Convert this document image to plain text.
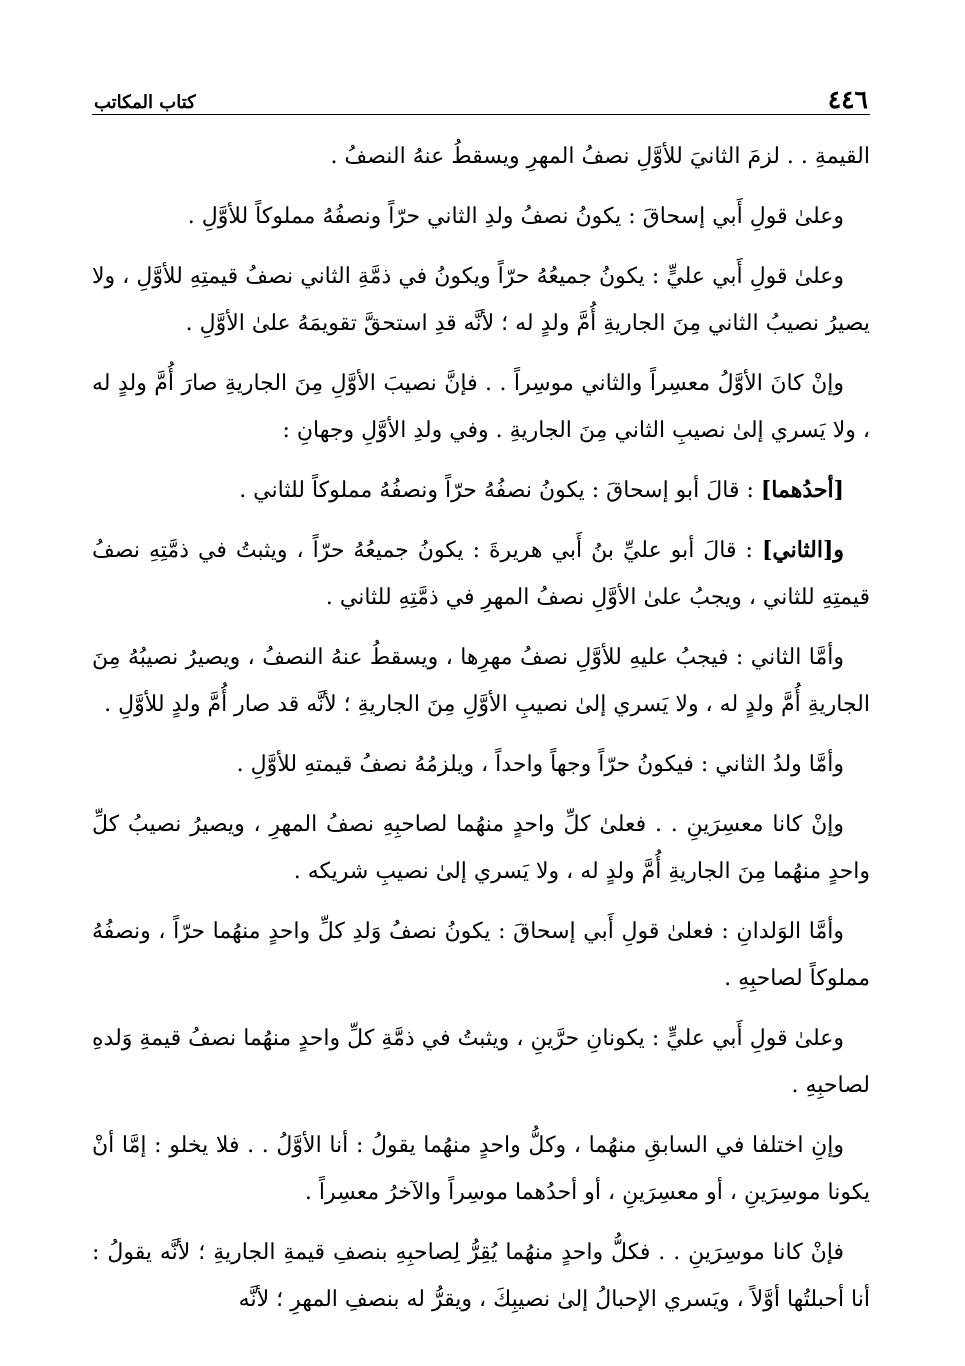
٤٤٦
كتاب المكاتب

القيمةِ . . لزمَ الثانيَ للأوَّلِ نصفُ المهرِ ويسقطُ عنهُ النصفُ .

وعلىٰ قولِ أَبي إسحاقَ : يكونُ نصفُ ولدِ الثاني حرّاً ونصفُهُ مملوكاً للأوَّلِ .

وعلىٰ قولِ أَبي عليٍّ : يكونُ جميعُهُ حرّاً ويكونُ في ذمَّةِ الثاني نصفُ قيمتِهِ للأوَّلِ ، ولا يصيرُ نصيبُ الثاني مِنَ الجاريةِ أُمَّ ولدٍ له ؛ لأنَّه قدِ استحقَّ تقويمَهُ علىٰ الأوَّلِ .

وإنْ كانَ الأوَّلُ معسِراً والثاني موسِراً . . فإنَّ نصيبَ الأوَّلِ مِنَ الجاريةِ صارَ أُمَّ ولدٍ له ، ولا يَسري إلىٰ نصيبِ الثاني مِنَ الجاريةِ . وفي ولدِ الأوَّلِ وجهانِ :

[أحدُهما] : قالَ أبو إسحاقَ : يكونُ نصفُهُ حرّاً ونصفُهُ مملوكاً للثاني .

و[الثاني] : قالَ أبو عليِّ بنُ أَبي هريرةَ : يكونُ جميعُهُ حرّاً ، ويثبتُ في ذمَّتِهِ نصفُ قيمتِهِ للثاني ، ويجبُ علىٰ الأوَّلِ نصفُ المهرِ في ذمَّتِهِ للثاني .

وأمَّا الثاني : فيجبُ عليهِ للأوَّلِ نصفُ مهرِها ، ويسقطُ عنهُ النصفُ ، ويصيرُ نصيبُهُ مِنَ الجاريةِ أُمَّ ولدٍ له ، ولا يَسري إلىٰ نصيبِ الأوَّلِ مِنَ الجاريةِ ؛ لأنَّه قد صار أُمَّ ولدٍ للأوَّلِ .

وأمَّا ولدُ الثاني : فيكونُ حرّاً وجهاً واحداً ، ويلزمُهُ نصفُ قيمتهِ للأوَّلِ .

وإنْ كانا معسِرَينِ . . فعلىٰ كلِّ واحدٍ منهُما لصاحبِهِ نصفُ المهرِ ، ويصيرُ نصيبُ كلِّ واحدٍ منهُما مِنَ الجاريةِ أُمَّ ولدٍ له ، ولا يَسري إلىٰ نصيبِ شريكه .

وأمَّا الوَلدانِ : فعلىٰ قولِ أَبي إسحاقَ : يكونُ نصفُ وَلدِ كلِّ واحدٍ منهُما حرّاً ، ونصفُهُ مملوكاً لصاحبِهِ .

وعلىٰ قولِ أَبي عليٍّ : يكونانِ حرَّينِ ، ويثبتُ في ذمَّةِ كلِّ واحدٍ منهُما نصفُ قيمةِ وَلدهِ لصاحبِهِ .

وإنِ اختلفا في السابقِ منهُما ، وكلُّ واحدٍ منهُما يقولُ : أنا الأوَّلُ . . فلا يخلو : إمَّا أنْ يكونا موسِرَينِ ، أو معسِرَينِ ، أو أحدُهما موسِراً والآخرُ معسِراً .

فإنْ كانا موسِرَينِ . . فكلُّ واحدٍ منهُما يُقِرُّ لِصاحبِهِ بنصفِ قيمةِ الجاريةِ ؛ لأنَّه يقولُ : أنا أحبلتُها أوَّلاً ، ويَسري الإحبالُ إلىٰ نصيبِكَ ، ويقرُّ له بنصفِ المهرِ ؛ لأنَّه
